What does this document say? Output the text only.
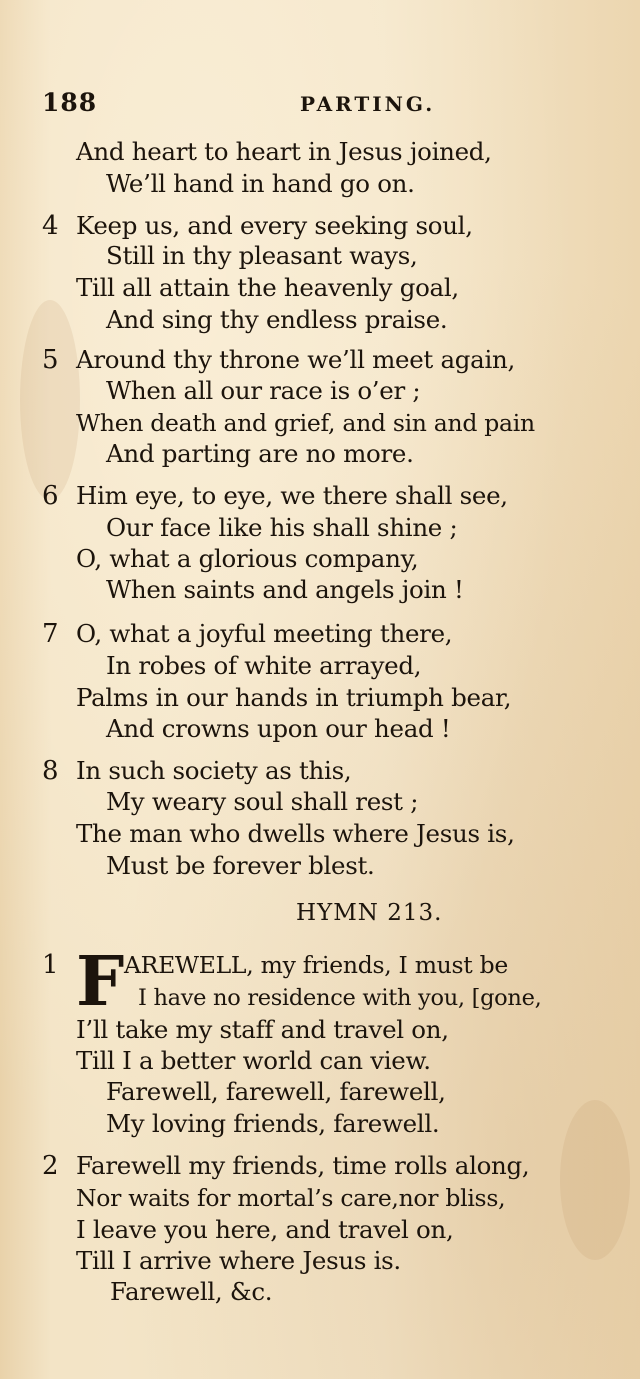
188	PARTING.
And heart to heart in Jesus joined,
We’ll hand in hand go on.
4 Keep us, and every seeking soul,
Still in thy pleasant ways,
Till all attain the heavenly goal,
And sing thy endless praise.
5 Around thy throne we’ll meet again,
When all our race is o’er ;
When death and grief, and sin and pain
And parting are no more.
6 Him eye, to eye, we there shall see,
Our face like his shall shine ;
O, what a glorious company,
When saints and angels join !
7 O, what a joyful meeting there,
In robes of white arrayed,
Palms in our hands in triumph bear,
And crowns upon our head !
8 In such society as this,
My weary soul shall rest ;
The man who dwells where Jesus is,
Must be forever blest.
HYMN 213.
1 F AREWELL, my friends, I must be
I have no residence with you, [gone,
I’ll take my staff and travel on,
Till I a better world can view.
Farewell, farewell, farewell,
My loving friends, farewell.
2 Farewell my friends, time rolls along,
Nor waits for mortal’s care,nor bliss,
I leave you here, and travel on,
Till I arrive where Jesus is.
Farewell, &c.
